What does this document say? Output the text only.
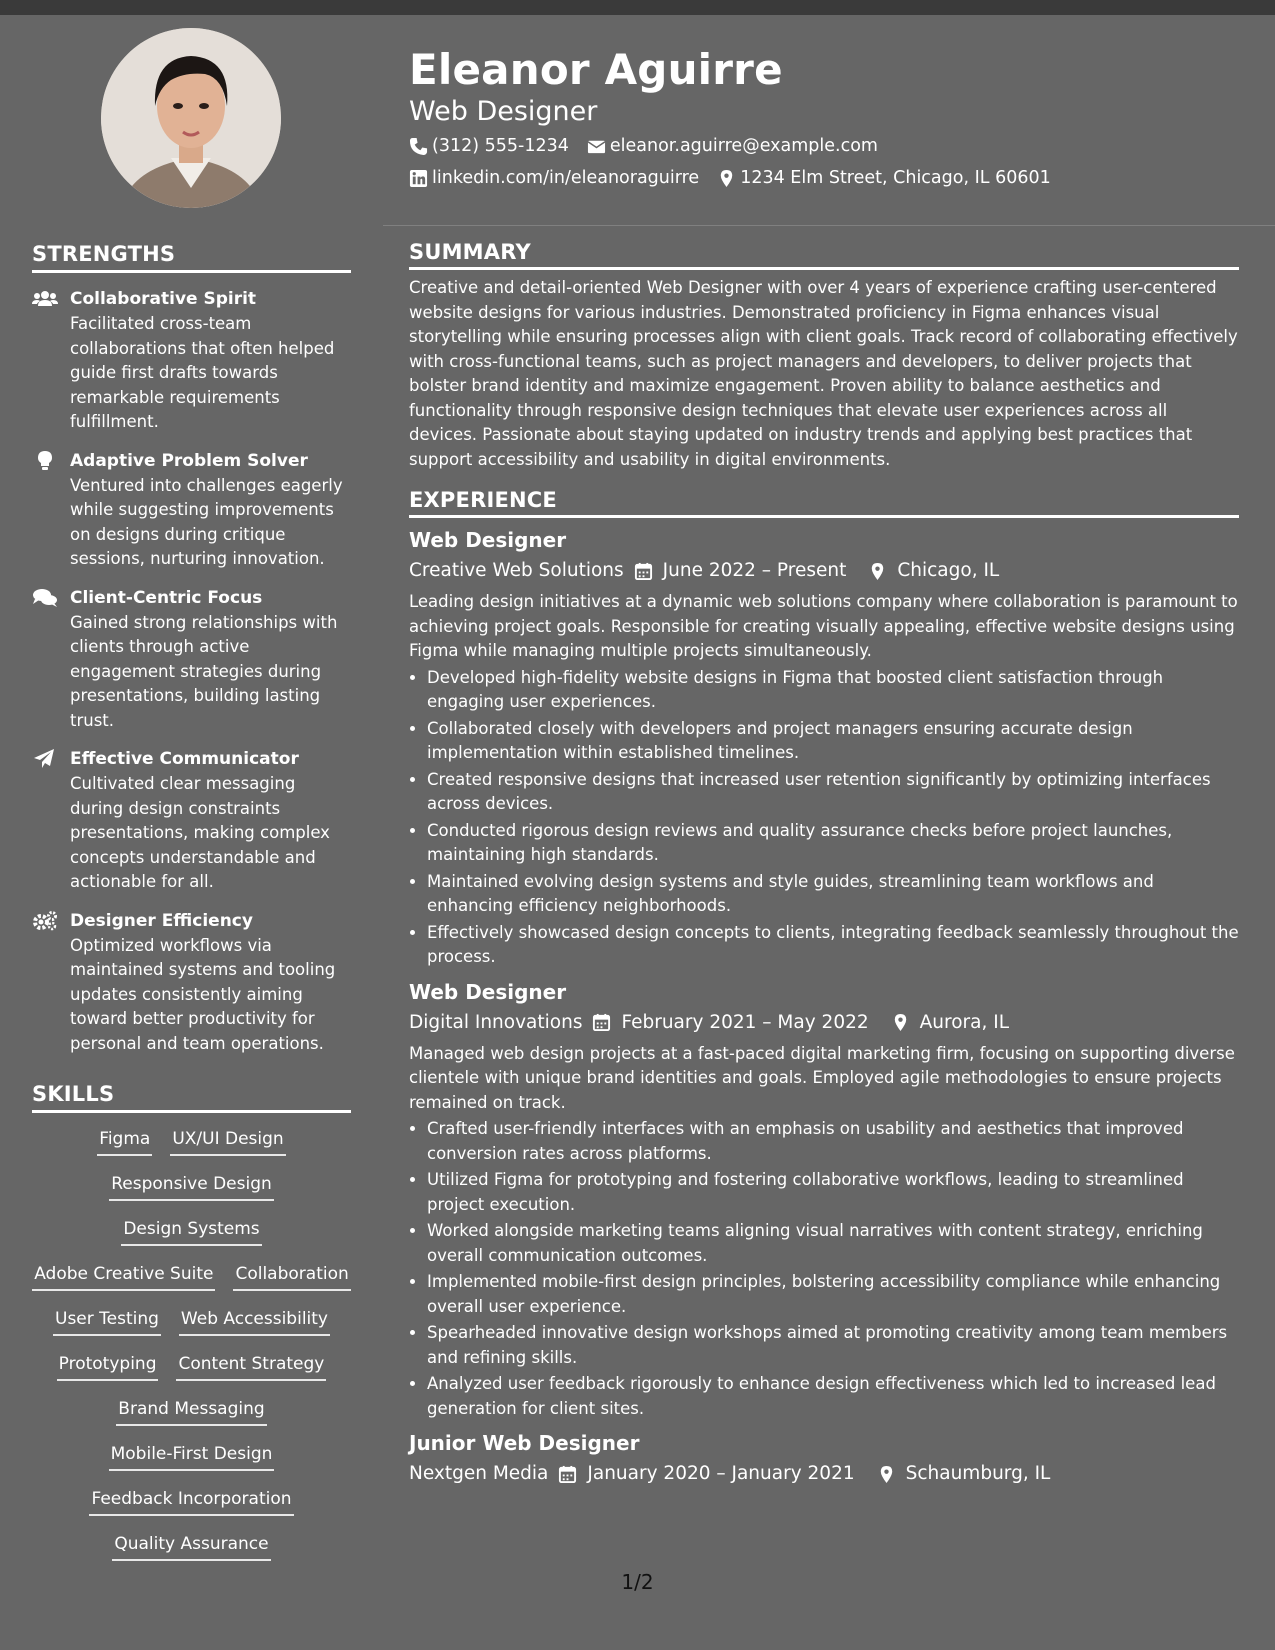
STRENGTHS
Collaborative Spirit
Facilitated cross-team collaborations that often helped guide first drafts towards remarkable requirements fulfillment.
Adaptive Problem Solver
Ventured into challenges eagerly while suggesting improvements on designs during critique sessions, nurturing innovation.
Client-Centric Focus
Gained strong relationships with clients through active engagement strategies during presentations, building lasting trust.
Effective Communicator
Cultivated clear messaging during design constraints presentations, making complex concepts understandable and actionable for all.
Designer Efficiency
Optimized workflows via maintained systems and tooling updates consistently aiming toward better productivity for personal and team operations.
SKILLS
Figma UX/UI Design
Responsive Design
Design Systems
Adobe Creative Suite Collaboration
User Testing Web Accessibility
Prototyping Content Strategy
Brand Messaging
Mobile-First Design
Feedback Incorporation
Quality Assurance
Eleanor Aguirre
Web Designer
(312) 555-1234 eleanor.aguirre@example.com
linkedin.com/in/eleanoraguirre 1234 Elm Street, Chicago, IL 60601
SUMMARY
Creative and detail-oriented Web Designer with over 4 years of experience crafting user-centered website designs for various industries. Demonstrated proficiency in Figma enhances visual storytelling while ensuring processes align with client goals. Track record of collaborating effectively with cross-functional teams, such as project managers and developers, to deliver projects that bolster brand identity and maximize engagement. Proven ability to balance aesthetics and functionality through responsive design techniques that elevate user experiences across all devices. Passionate about staying updated on industry trends and applying best practices that support accessibility and usability in digital environments.
EXPERIENCE
Web Designer
Creative Web Solutions June 2022 – Present	Chicago, IL
Leading design initiatives at a dynamic web solutions company where collaboration is paramount to achieving project goals. Responsible for creating visually appealing, effective website designs using Figma while managing multiple projects simultaneously.
• Developed high-fidelity website designs in Figma that boosted client satisfaction through engaging user experiences.
• Collaborated closely with developers and project managers ensuring accurate design implementation within established timelines.
• Created responsive designs that increased user retention significantly by optimizing interfaces across devices.
• Conducted rigorous design reviews and quality assurance checks before project launches, maintaining high standards.
• Maintained evolving design systems and style guides, streamlining team workflows and enhancing efficiency neighborhoods.
• Effectively showcased design concepts to clients, integrating feedback seamlessly throughout the process.
Web Designer
Digital Innovations February 2021 – May 2022	Aurora, IL
Managed web design projects at a fast-paced digital marketing firm, focusing on supporting diverse clientele with unique brand identities and goals. Employed agile methodologies to ensure projects remained on track.
• Crafted user-friendly interfaces with an emphasis on usability and aesthetics that improved conversion rates across platforms.
• Utilized Figma for prototyping and fostering collaborative workflows, leading to streamlined project execution.
• Worked alongside marketing teams aligning visual narratives with content strategy, enriching overall communication outcomes.
• Implemented mobile-first design principles, bolstering accessibility compliance while enhancing overall user experience.
• Spearheaded innovative design workshops aimed at promoting creativity among team members and refining skills.
• Analyzed user feedback rigorously to enhance design effectiveness which led to increased lead generation for client sites.
Junior Web Designer
Nextgen Media January 2020 – January 2021	Schaumburg, IL
1/2
